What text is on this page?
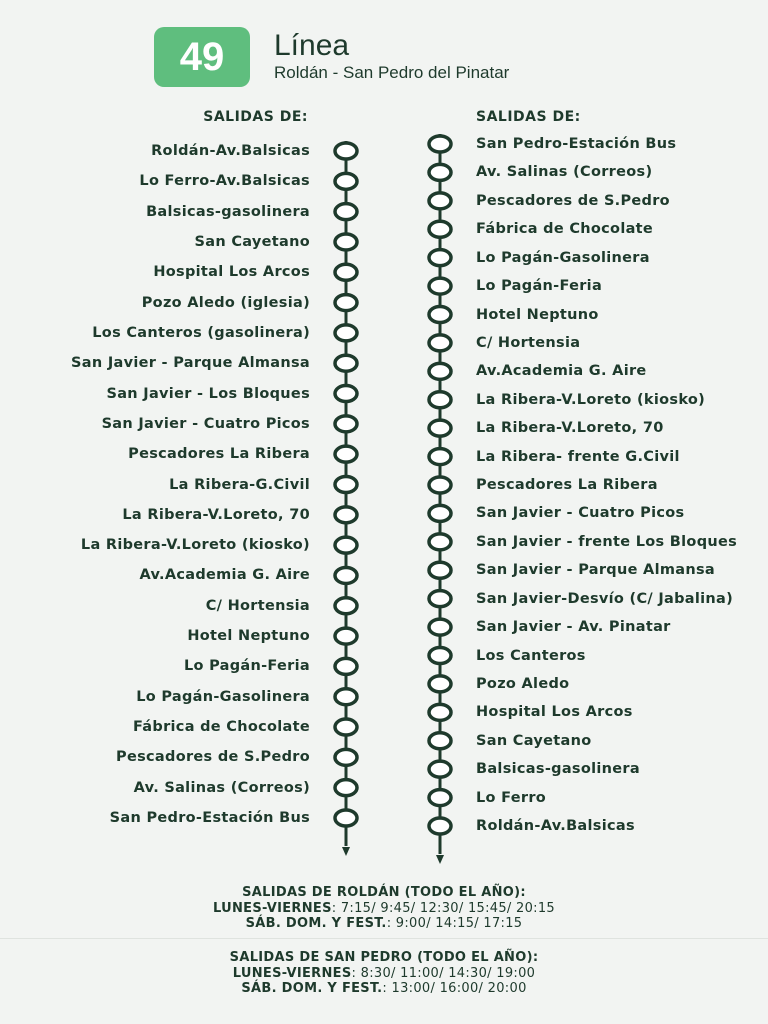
49	Línea
Roldán - San Pedro del Pinatar
SALIDAS DE:	SALIDAS DE:
Roldán-Av.Balsicas
Lo Ferro-Av.Balsicas
Balsicas-gasolinera
San Cayetano
Hospital Los Arcos
Pozo Aledo (iglesia)
Los Canteros (gasolinera)
San Javier - Parque Almansa
San Javier - Los Bloques
San Javier - Cuatro Picos
Pescadores La Ribera
La Ribera-G.Civil
La Ribera-V.Loreto, 70
La Ribera-V.Loreto (kiosko)
Av.Academia G. Aire
C/ Hortensia
Hotel Neptuno
Lo Pagán-Feria
Lo Pagán-Gasolinera
Fábrica de Chocolate
Pescadores de S.Pedro
Av. Salinas (Correos)
San Pedro-Estación Bus
San Pedro-Estación Bus
Av. Salinas (Correos)
Pescadores de S.Pedro
Fábrica de Chocolate
Lo Pagán-Gasolinera
Lo Pagán-Feria
Hotel Neptuno
C/ Hortensia
Av.Academia G. Aire
La Ribera-V.Loreto (kiosko)
La Ribera-V.Loreto, 70
La Ribera- frente G.Civil
Pescadores La Ribera
San Javier - Cuatro Picos
San Javier - frente Los Bloques
San Javier - Parque Almansa
San Javier-Desvío (C/ Jabalina)
San Javier - Av. Pinatar
Los Canteros
Pozo Aledo
Hospital Los Arcos
San Cayetano
Balsicas-gasolinera
Lo Ferro
Roldán-Av.Balsicas
SALIDAS DE ROLDÁN (TODO EL AÑO):
LUNES-VIERNES: 7:15/ 9:45/ 12:30/ 15:45/ 20:15
SÁB. DOM. Y FEST.: 9:00/ 14:15/ 17:15
SALIDAS DE SAN PEDRO (TODO EL AÑO):
LUNES-VIERNES: 8:30/ 11:00/ 14:30/ 19:00
SÁB. DOM. Y FEST.: 13:00/ 16:00/ 20:00
